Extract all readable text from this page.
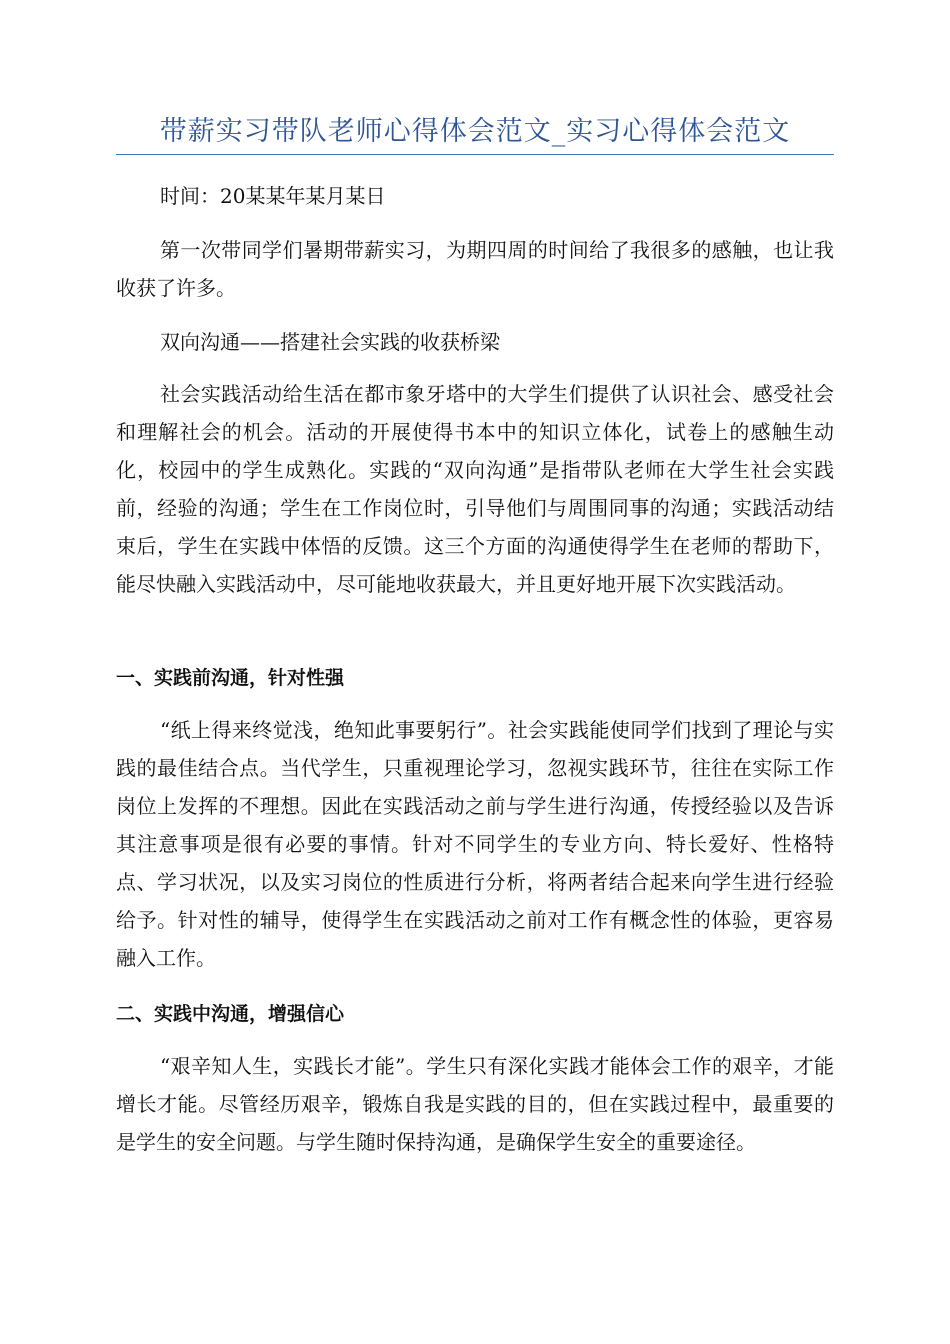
带薪实习带队老师心得体会范文_实习心得体会范文

时间：20某某年某月某日

第一次带同学们暑期带薪实习，为期四周的时间给了我很多的感触，也让我收获了许多。

双向沟通——搭建社会实践的收获桥梁

社会实践活动给生活在都市象牙塔中的大学生们提供了认识社会、感受社会和理解社会的机会。活动的开展使得书本中的知识立体化，试卷上的感触生动化，校园中的学生成熟化。实践的“双向沟通”是指带队老师在大学生社会实践前，经验的沟通；学生在工作岗位时，引导他们与周围同事的沟通；实践活动结束后，学生在实践中体悟的反馈。这三个方面的沟通使得学生在老师的帮助下，能尽快融入实践活动中，尽可能地收获最大，并且更好地开展下次实践活动。

一、实践前沟通，针对性强

“纸上得来终觉浅，绝知此事要躬行”。社会实践能使同学们找到了理论与实践的最佳结合点。当代学生，只重视理论学习，忽视实践环节，往往在实际工作岗位上发挥的不理想。因此在实践活动之前与学生进行沟通，传授经验以及告诉其注意事项是很有必要的事情。针对不同学生的专业方向、特长爱好、性格特点、学习状况，以及实习岗位的性质进行分析，将两者结合起来向学生进行经验给予。针对性的辅导，使得学生在实践活动之前对工作有概念性的体验，更容易融入工作。

二、实践中沟通，增强信心

“艰辛知人生，实践长才能”。学生只有深化实践才能体会工作的艰辛，才能增长才能。尽管经历艰辛，锻炼自我是实践的目的，但在实践过程中，最重要的是学生的安全问题。与学生随时保持沟通，是确保学生安全的重要途径。
